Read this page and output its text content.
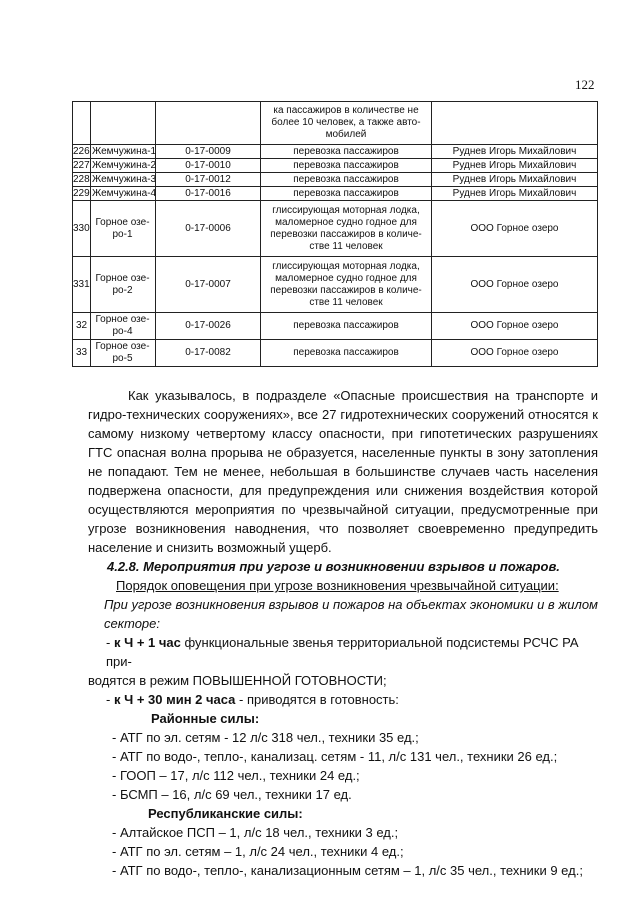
122
			ка пассажиров в количестве не более 10 человек, а также авто-мобилей	
226	Жемчужина-1	0-17-0009	перевозка пассажиров	Руднев Игорь Михайлович
227	Жемчужина-2	0-17-0010	перевозка пассажиров	Руднев Игорь Михайлович
228	Жемчужина-3	0-17-0012	перевозка пассажиров	Руднев Игорь Михайлович
229	Жемчужина-4	0-17-0016	перевозка пассажиров	Руднев Игорь Михайлович
330	Горное озе-ро-1	0-17-0006	глиссирующая моторная лодка, маломерное судно годное для перевозки пассажиров в количе-стве 11 человек	ООО Горное озеро
331	Горное озе-ро-2	0-17-0007	глиссирующая моторная лодка, маломерное судно годное для перевозки пассажиров в количе-стве 11 человек	ООО Горное озеро
32	Горное озе-ро-4	0-17-0026	перевозка пассажиров	ООО Горное озеро
33	Горное озе-ро-5	0-17-0082	перевозка пассажиров	ООО Горное озеро

Как указывалось, в подразделе «Опасные происшествия на транспорте и гидро-технических сооружениях», все 27 гидротехнических сооружений относятся к самому низкому четвертому классу опасности, при гипотетических разрушениях ГТС опасная волна прорыва не образуется, населенные пункты в зону затопления не попадают. Тем не менее, небольшая в большинстве случаев часть населения подвержена опасности, для предупреждения или снижения воздействия которой осуществляются мероприятия по чрезвычайной ситуации, предусмотренные при угрозе возникновения наводнения, что позволяет своевременно предупредить население и снизить возможный ущерб.

4.2.8. Мероприятия при угрозе и возникновении взрывов и пожаров.

Порядок оповещения при угрозе возникновения чрезвычайной ситуации:

При угрозе возникновения взрывов и пожаров на объектах экономики и в жилом

секторе:

- к Ч + 1 час функциональные звенья территориальной подсистемы РСЧС РА при-

водятся в режим ПОВЫШЕННОЙ ГОТОВНОСТИ;

- к Ч + 30 мин 2 часа - приводятся в готовность:

Районные силы:

- АТГ по эл. сетям - 12 л/с 318 чел., техники 35 ед.;

- АТГ по водо-, тепло-, канализац. сетям - 11, л/с 131 чел., техники 26 ед.;

- ГООП – 17, л/с 112 чел., техники 24 ед.;

- БСМП – 16, л/с 69 чел., техники 17 ед.

Республиканские силы:

- Алтайское ПСП – 1, л/с 18 чел., техники 3 ед.;

- АТГ по эл. сетям – 1, л/с 24 чел., техники 4 ед.;

- АТГ по водо-, тепло-, канализационным сетям – 1, л/с 35 чел., техники 9 ед.;
